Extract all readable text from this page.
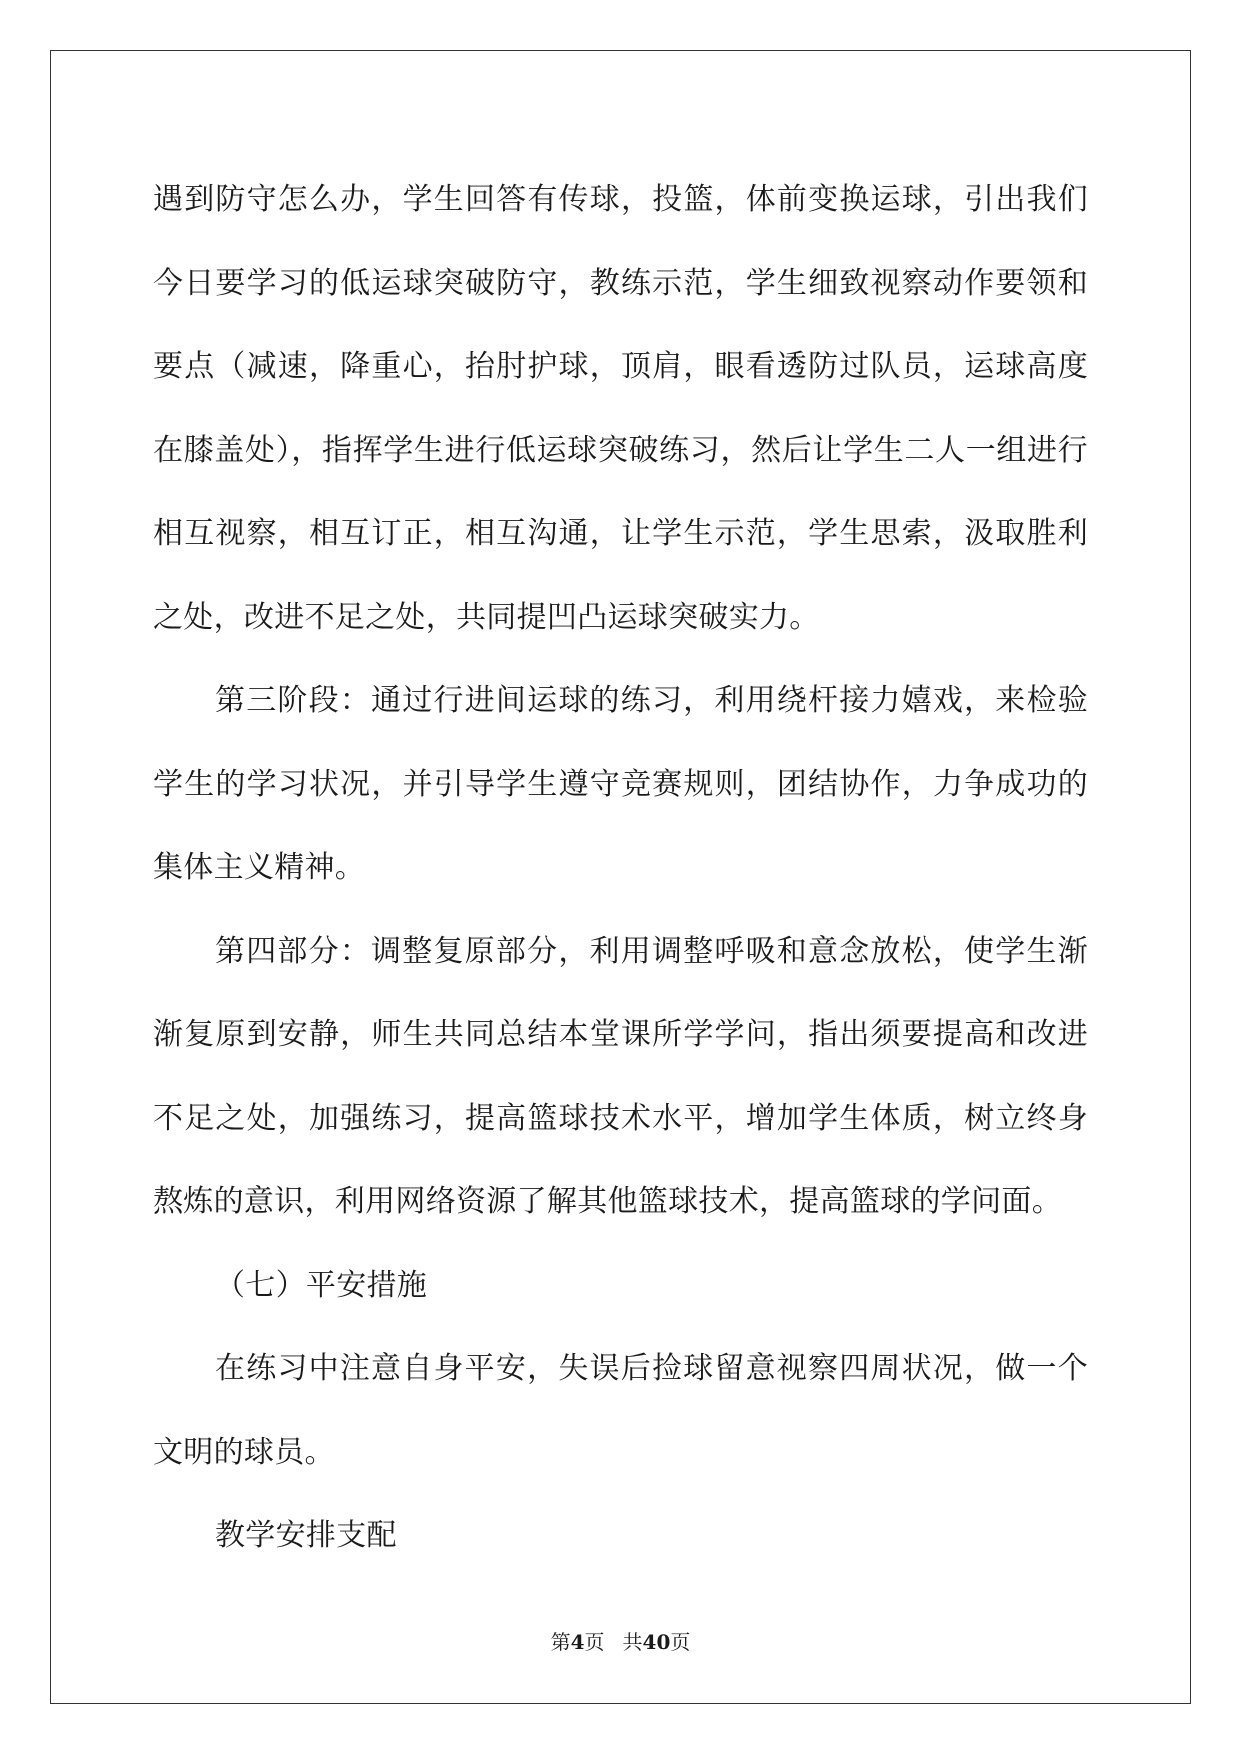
遇到防守怎么办，学生回答有传球，投篮，体前变换运球，引出我们
今日要学习的低运球突破防守，教练示范，学生细致视察动作要领和
要点（减速，降重心，抬肘护球，顶肩，眼看透防过队员，运球高度
在膝盖处），指挥学生进行低运球突破练习，然后让学生二人一组进行
相互视察，相互订正，相互沟通，让学生示范，学生思索，汲取胜利
之处，改进不足之处，共同提凹凸运球突破实力。

第三阶段：通过行进间运球的练习，利用绕杆接力嬉戏，来检验
学生的学习状况，并引导学生遵守竞赛规则，团结协作，力争成功的
集体主义精神。

第四部分：调整复原部分，利用调整呼吸和意念放松，使学生渐
渐复原到安静，师生共同总结本堂课所学学问，指出须要提高和改进
不足之处，加强练习，提高篮球技术水平，增加学生体质，树立终身
熬炼的意识，利用网络资源了解其他篮球技术，提高篮球的学问面。

（七）平安措施

在练习中注意自身平安，失误后捡球留意视察四周状况，做一个
文明的球员。

教学安排支配

第4页 共40页
